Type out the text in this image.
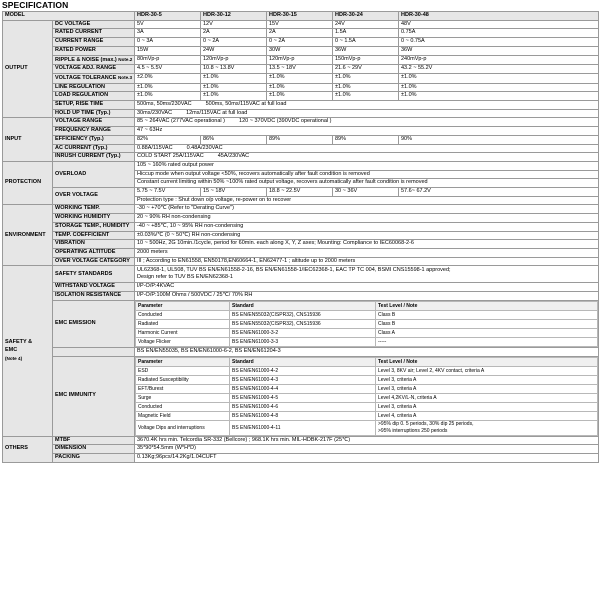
SPECIFICATION
MODEL	HDR-30-5	HDR-30-12	HDR-30-15	HDR-30-24	HDR-30-48
OUTPUT	DC VOLTAGE	5V	12V	15V	24V	48V
RATED CURRENT	3A	2A	2A	1.5A	0.75A
CURRENT RANGE	0 ~ 3A	0 ~ 2A	0 ~ 2A	0 ~ 1.5A	0 ~ 0.75A
RATED POWER	15W	24W	30W	36W	36W
RIPPLE & NOISE (max.) Note.2	80mVp-p	120mVp-p	120mVp-p	150mVp-p	240mVp-p
VOLTAGE ADJ. RANGE	4.5 ~ 5.5V	10.8 ~ 13.8V	13.5 ~ 18V	21.6 ~ 29V	43.2 ~ 55.2V
VOLTAGE TOLERANCE Note.3	±2.0%	±1.0%	±1.0%	±1.0%	±1.0%
LINE REGULATION	±1.0%	±1.0%	±1.0%	±1.0%	±1.0%
LOAD REGULATION	±1.0%	±1.0%	±1.0%	±1.0%	±1.0%
SETUP, RISE TIME	500ms, 50ms/230VAC	500ms, 50ms/115VAC at full load
HOLD UP TIME (Typ.)	30ms/230VAC	12ms/115VAC at full load
INPUT	VOLTAGE RANGE	85 ~ 264VAC (277VAC operational )	120 ~ 370VDC (390VDC operational )
FREQUENCY RANGE	47 ~ 63Hz
EFFICIENCY (Typ.)	82%	86%	89%	89%	90%
AC CURRENT (Typ.)	0.88A/115VAC	0.48A/230VAC
INRUSH CURRENT (Typ.)	COLD START 25A/115VAC	45A/230VAC
PROTECTION	OVERLOAD	105 ~ 160% rated output power
Hiccup mode when output voltage <50%, recovers automatically after fault condition is removed
Constant current limiting within 50% ~100% rated output voltage, recovers automatically after fault condition is removed
OVER VOLTAGE	5.75 ~ 7.5V	15 ~ 18V	18.8 ~ 22.5V	30 ~ 36V	57.6~ 67.2V
Protection type : Shut down o/p voltage, re-power on to recover
ENVIRONMENT	WORKING TEMP.	-30 ~ +70℃ (Refer to "Derating Curve")
WORKING HUMIDITY	20 ~ 90% RH non-condensing
STORAGE TEMP., HUMIDITY	-40 ~ +85℃, 10 ~ 95% RH non-condensing
TEMP. COEFFICIENT	±0.03%/℃ (0 ~ 50℃) RH non-condensing
VIBRATION	10 ~ 500Hz, 2G 10min./1cycle, period for 60min. each along X, Y, Z axes; Mounting: Compliance to IEC60068-2-6
OPERATING ALTITUDE	2000 meters
OVER VOLTAGE CATEGORY	III ; According to EN61558, EN50178,EN60664-1, EN62477-1 ; altitude up to 2000 meters

SAFETY &
EMC
(Note 4)
	SAFETY STANDARDS	
UL62368-1, UL508, TUV BS EN/EN61558-2-16, BS EN/EN61558-1/IEC62368-1, EAC TP TC 004, BSMI CNS15598-1 approved;
Design refer to TUV BS EN/EN62368-1

WITHSTAND VOLTAGE	I/P-O/P:4KVAC
ISOLATION RESISTANCE	I/P-O/P:100M Ohms / 500VDC / 25℃/ 70% RH
EMC EMISSION	
Parameter	Standard	Test Level / Note
Conducted	BS EN/EN55032(CISPR32), CNS15936	Class B
Radiated	BS EN/EN55032(CISPR32), CNS15936	Class B
Harmonic Current	BS EN/EN61000-3-2	Class A
Voltage Flicker	BS EN/EN61000-3-3	-----

	BS EN/EN55035, BS EN/EN61000-6-2, BS EN/EN61204-3
EMC IMMUNITY	
Parameter	Standard	Test Level / Note
ESD	BS EN/EN61000-4-2	Level 3, 8KV air; Level 2, 4KV contact, criteria A
Radiated Susceptibility	BS EN/EN61000-4-3	Level 3, criteria A
EFT/Burest	BS EN/EN61000-4-4	Level 3, criteria A
Surge	BS EN/EN61000-4-5	Level 4,2KV/L-N, criteria A
Conducted	BS EN/EN61000-4-6	Level 3, criteria A
Magnetic Field	BS EN/EN61000-4-8	Level 4, criteria A
Voltage Dips and interruptions	BS EN/EN61000-4-11	
>95% dip 0. 5 periods, 30% dip 25 periods,
>95% interruptions 250 periods

OTHERS	MTBF	3670.4K hrs min. Telcordia SR-332 (Bellcore) ; 968.1K hrs min. MIL-HDBK-217F (25℃)
DIMENSION	35*90*54.5mm (W*H*D)
PACKING	0.13Kg;96pcs/14.2Kg/1.04CUFT
